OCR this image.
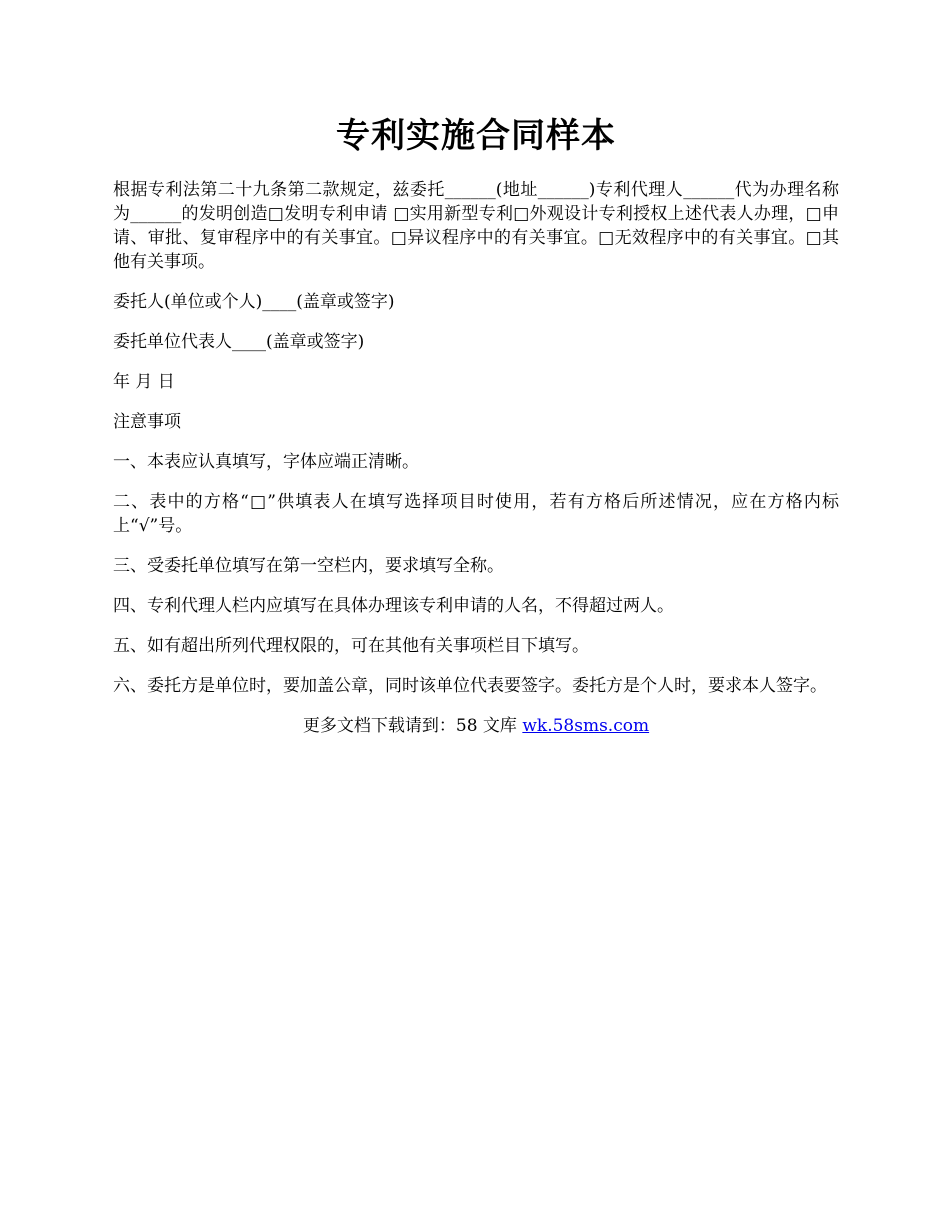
专利实施合同样本

根据专利法第二十九条第二款规定，兹委托______(地址______)专利代理人______代为办理名称为______的发明创造□发明专利申请 □实用新型专利□外观设计专利授权上述代表人办理，□申请、审批、复审程序中的有关事宜。□异议程序中的有关事宜。□无效程序中的有关事宜。□其他有关事项。

委托人(单位或个人)____(盖章或签字)

委托单位代表人____(盖章或签字)

年 月 日

注意事项

一、本表应认真填写，字体应端正清晰。

二、表中的方格“□”供填表人在填写选择项目时使用，若有方格后所述情况，应在方格内标上“√”号。

三、受委托单位填写在第一空栏内，要求填写全称。

四、专利代理人栏内应填写在具体办理该专利申请的人名，不得超过两人。

五、如有超出所列代理权限的，可在其他有关事项栏目下填写。

六、委托方是单位时，要加盖公章，同时该单位代表要签字。委托方是个人时，要求本人签字。

更多文档下载请到：58 文库 wk.58sms.com
